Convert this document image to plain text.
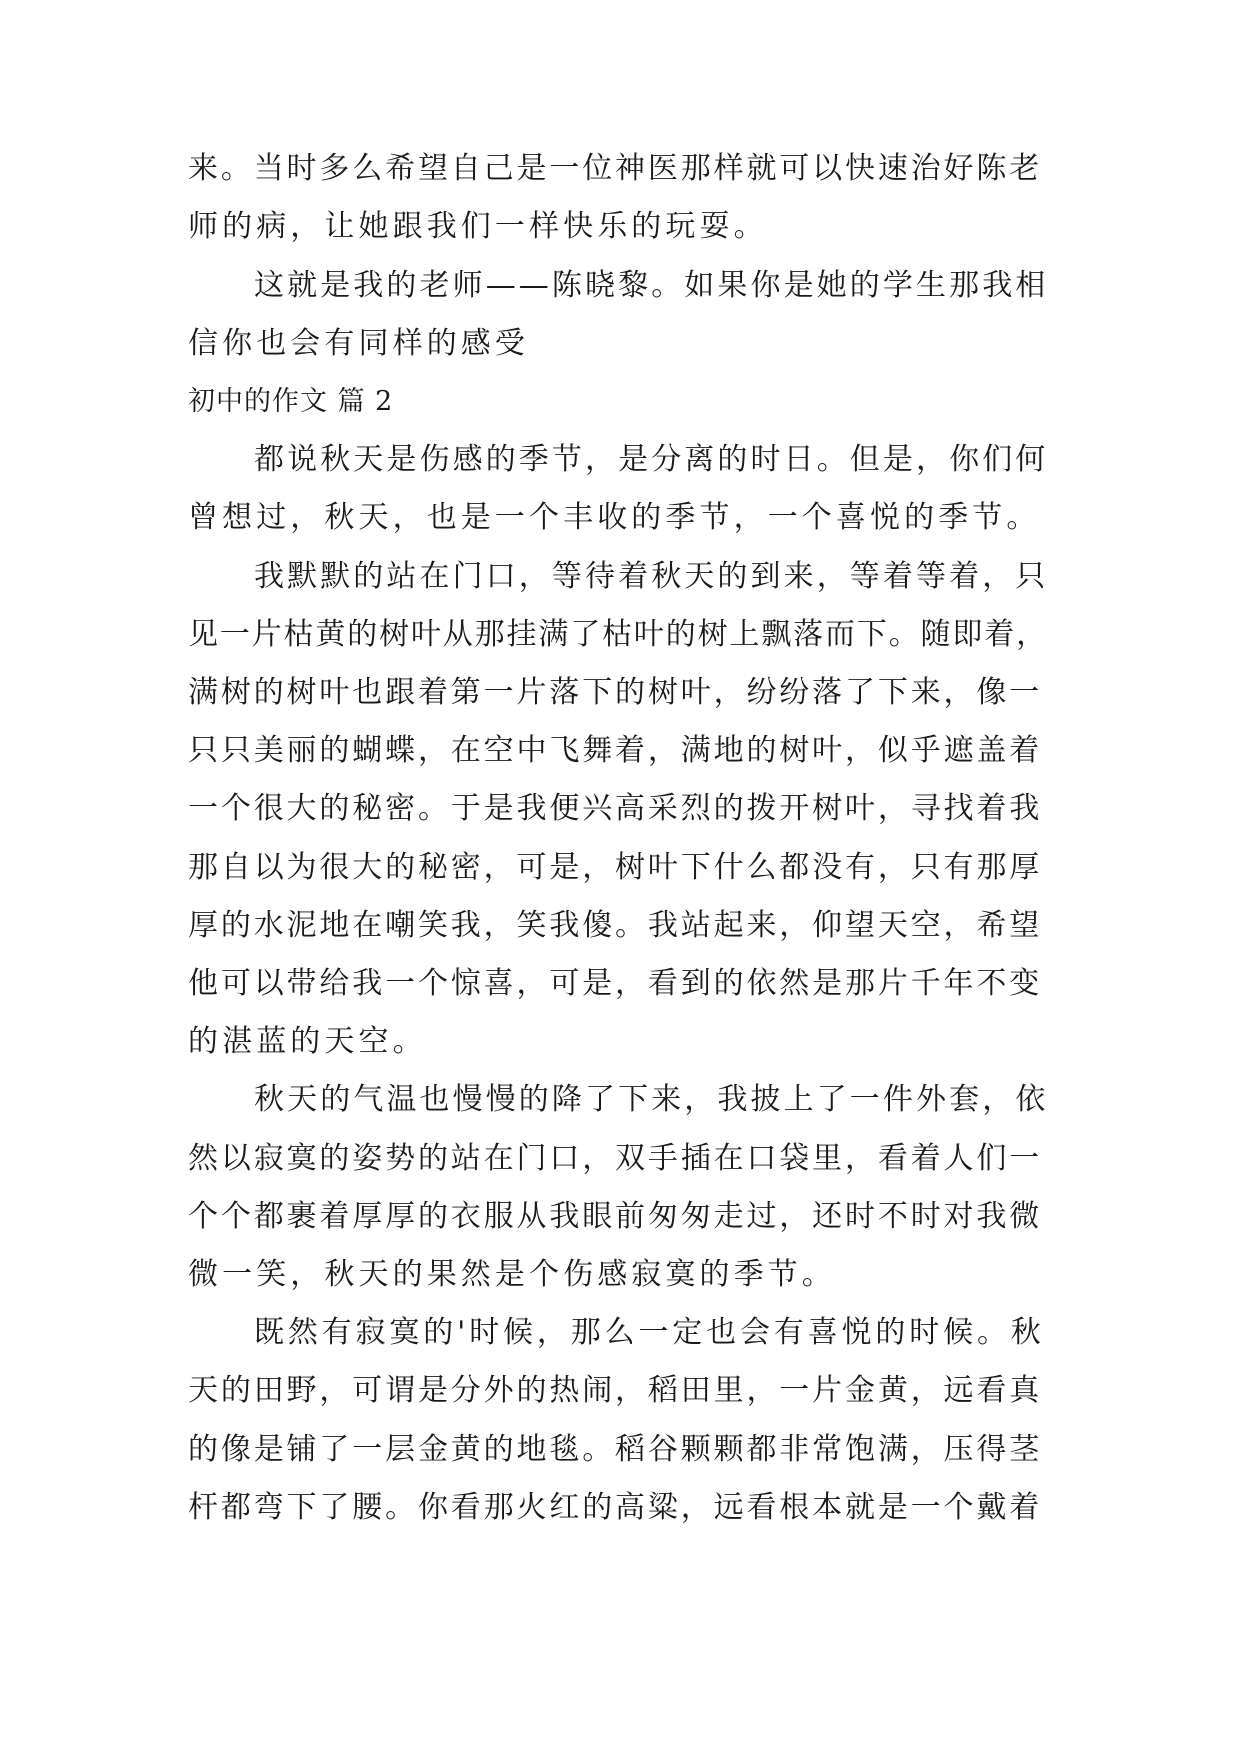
来。当时多么希望自己是一位神医那样就可以快速治好陈老
师的病，让她跟我们一样快乐的玩耍。
这就是我的老师——陈晓黎。如果你是她的学生那我相
信你也会有同样的感受
初中的作文 篇 2
都说秋天是伤感的季节，是分离的时日。但是，你们何
曾想过，秋天，也是一个丰收的季节，一个喜悦的季节。
我默默的站在门口，等待着秋天的到来，等着等着，只
见一片枯黄的树叶从那挂满了枯叶的树上飘落而下。随即着，
满树的树叶也跟着第一片落下的树叶，纷纷落了下来，像一
只只美丽的蝴蝶，在空中飞舞着，满地的树叶，似乎遮盖着
一个很大的秘密。于是我便兴高采烈的拨开树叶，寻找着我
那自以为很大的秘密，可是，树叶下什么都没有，只有那厚
厚的水泥地在嘲笑我，笑我傻。我站起来，仰望天空，希望
他可以带给我一个惊喜，可是，看到的依然是那片千年不变
的湛蓝的天空。
秋天的气温也慢慢的降了下来，我披上了一件外套，依
然以寂寞的姿势的站在门口，双手插在口袋里，看着人们一
个个都裹着厚厚的衣服从我眼前匆匆走过，还时不时对我微
微一笑，秋天的果然是个伤感寂寞的季节。
既然有寂寞的'时候，那么一定也会有喜悦的时候。秋
天的田野，可谓是分外的热闹，稻田里，一片金黄，远看真
的像是铺了一层金黄的地毯。稻谷颗颗都非常饱满，压得茎
杆都弯下了腰。你看那火红的高粱，远看根本就是一个戴着
